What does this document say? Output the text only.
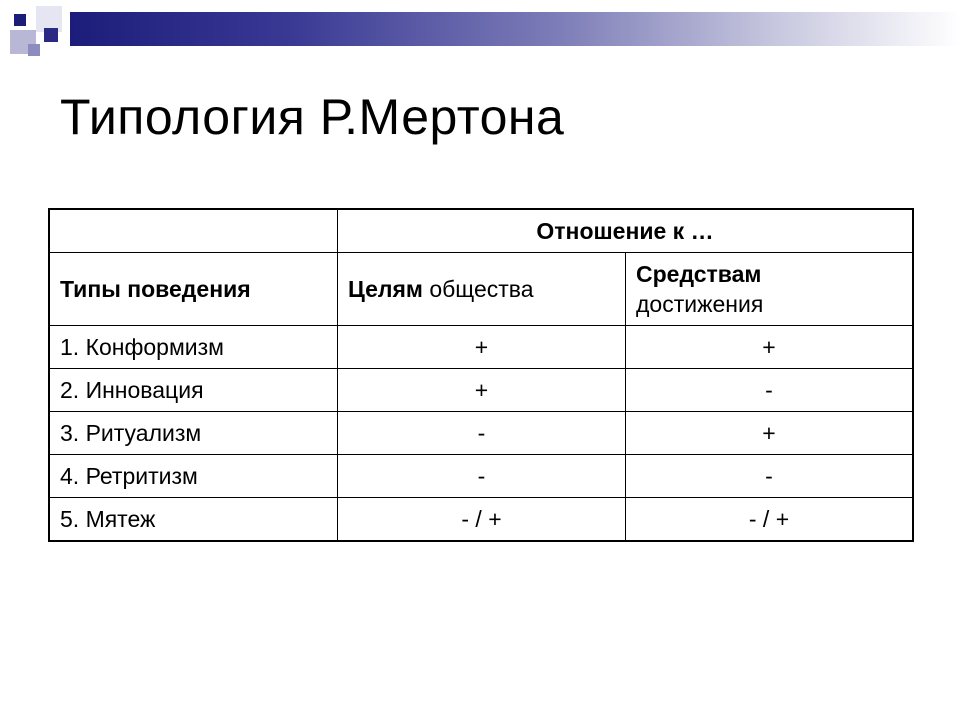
Типология Р.Мертона
	Отношение к …	
Типы поведения	Целям общества	Средствам
достижения
1. Конформизм	+	+
2. Инновация	+	-
3. Ритуализм	-	+
4. Ретритизм	-	-
5. Мятеж	- / +	- / +
